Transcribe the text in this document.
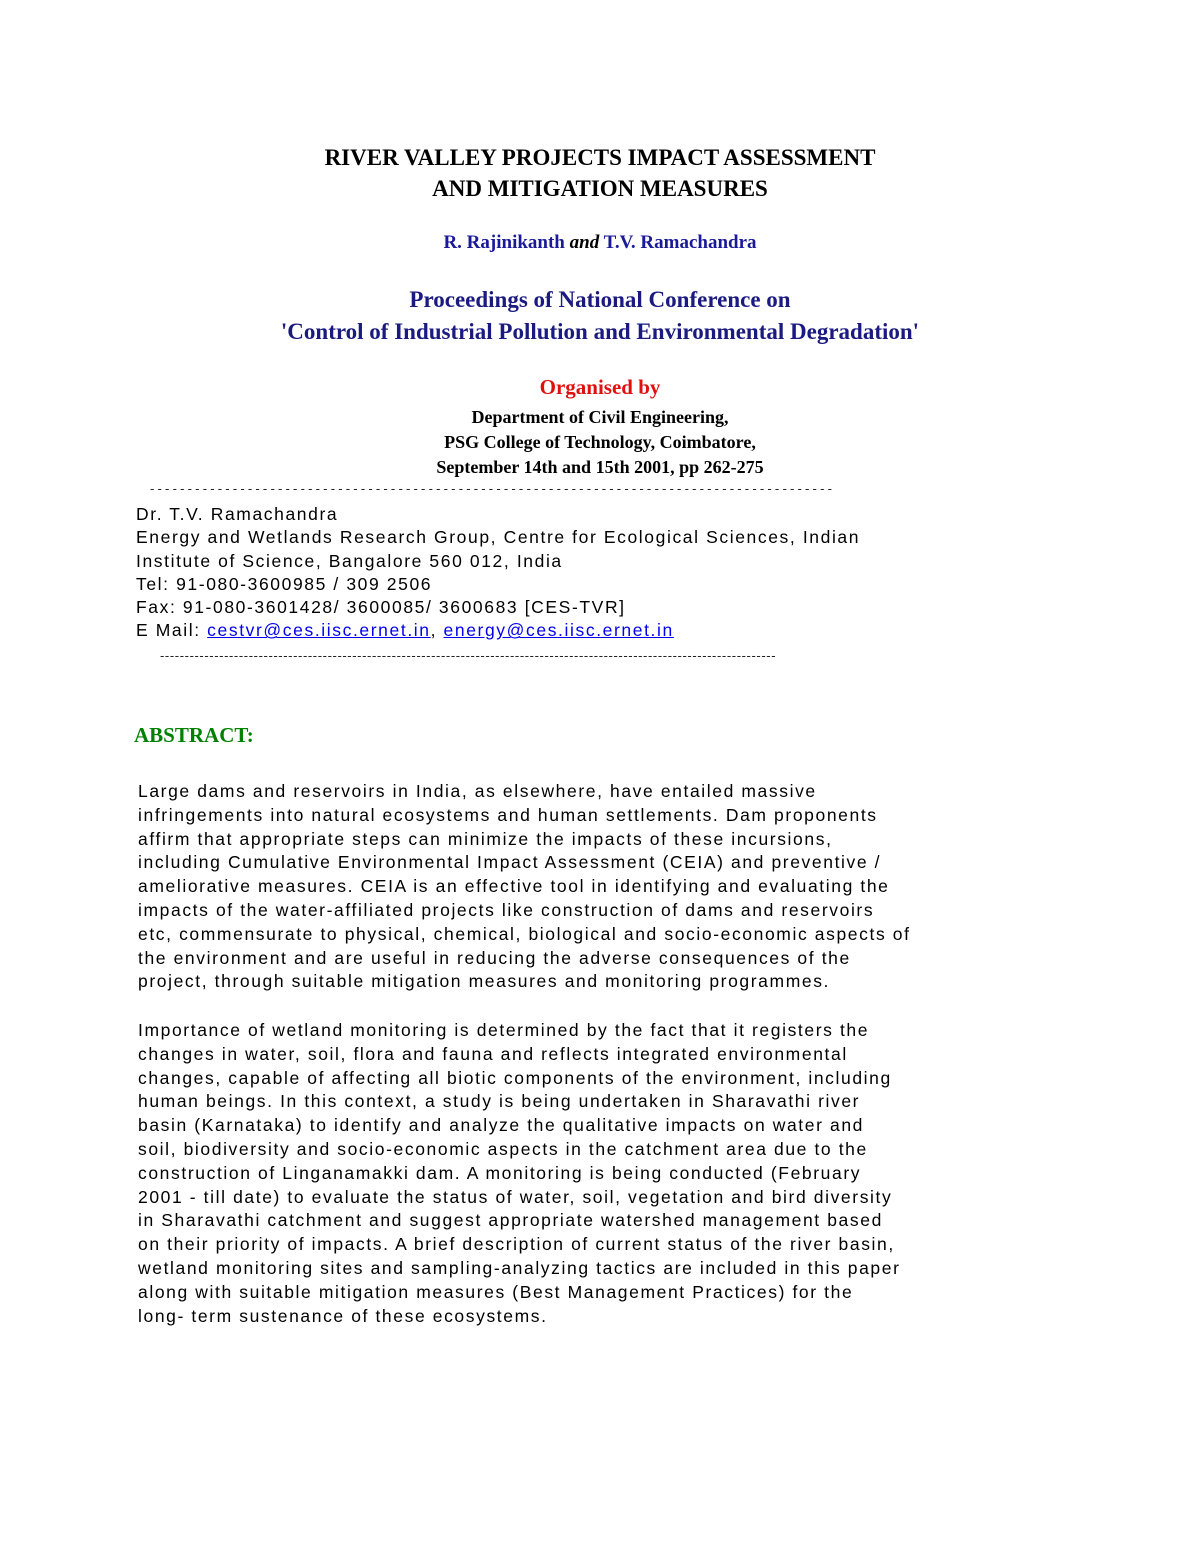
RIVER VALLEY PROJECTS IMPACT ASSESSMENT
AND MITIGATION MEASURES
R. Rajinikanth and T.V. Ramachandra
Proceedings of National Conference on
'Control of Industrial Pollution and Environmental Degradation'
Organised by
Department of Civil Engineering,
PSG College of Technology, Coimbatore,
September 14th and 15th 2001, pp 262-275
-------------------------------------------------------------------------------------------
Dr. T.V. Ramachandra
Energy and Wetlands Research Group, Centre for Ecological Sciences, Indian
Institute of Science, Bangalore 560 012, India
Tel: 91-080-3600985 / 309 2506
Fax: 91-080-3601428/ 3600085/ 3600683 [CES-TVR]
E Mail: cestvr@ces.iisc.ernet.in, energy@ces.iisc.ernet.in
-----------------------------------------------------------------------------------------------------------------------------
ABSTRACT:
Large dams and reservoirs in India, as elsewhere, have entailed massive
infringements into natural ecosystems and human settlements. Dam proponents
affirm that appropriate steps can minimize the impacts of these incursions,
including Cumulative Environmental Impact Assessment (CEIA) and preventive /
ameliorative measures. CEIA is an effective tool in identifying and evaluating the
impacts of the water-affiliated projects like construction of dams and reservoirs
etc, commensurate to physical, chemical, biological and socio-economic aspects of
the environment and are useful in reducing the adverse consequences of the
project, through suitable mitigation measures and monitoring programmes.
Importance of wetland monitoring is determined by the fact that it registers the
changes in water, soil, flora and fauna and reflects integrated environmental
changes, capable of affecting all biotic components of the environment, including
human beings. In this context, a study is being undertaken in Sharavathi river
basin (Karnataka) to identify and analyze the qualitative impacts on water and
soil, biodiversity and socio-economic aspects in the catchment area due to the
construction of Linganamakki dam. A monitoring is being conducted (February
2001 - till date) to evaluate the status of water, soil, vegetation and bird diversity
in Sharavathi catchment and suggest appropriate watershed management based
on their priority of impacts. A brief description of current status of the river basin,
wetland monitoring sites and sampling-analyzing tactics are included in this paper
along with suitable mitigation measures (Best Management Practices) for the
long- term sustenance of these ecosystems.
